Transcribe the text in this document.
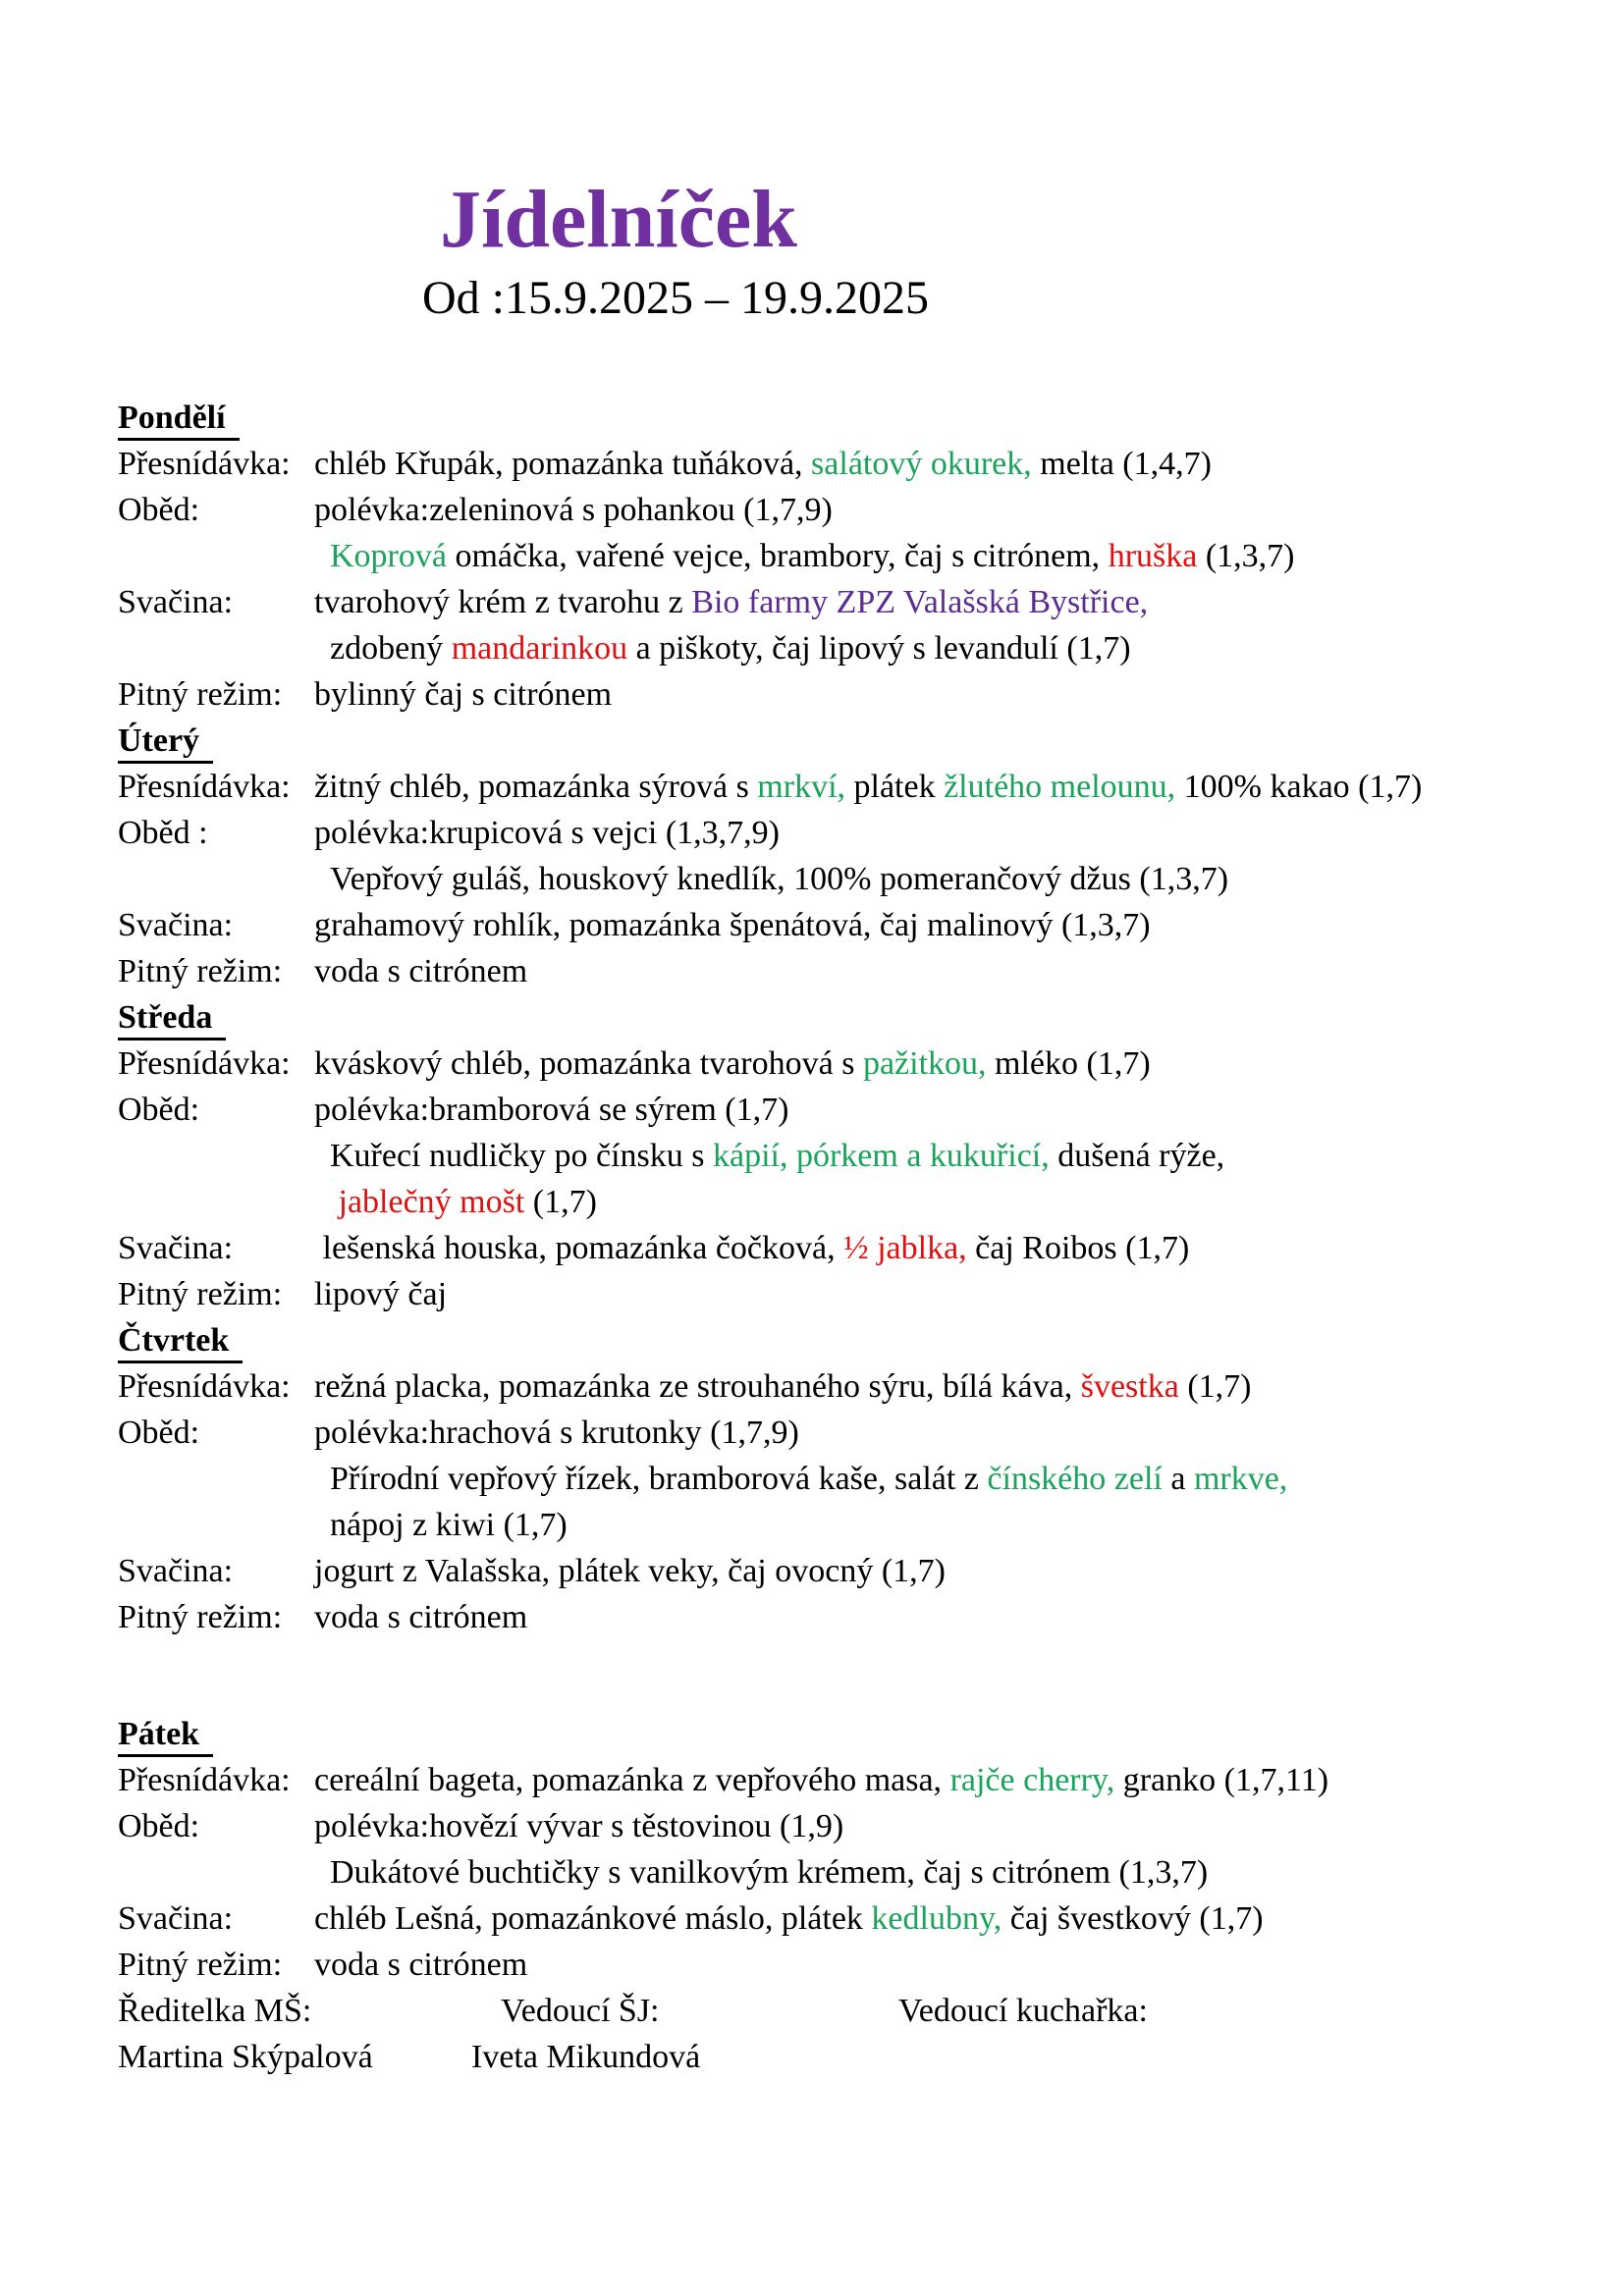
Jídelníček
Od :15.9.2025 – 19.9.2025
Pondělí
Přesnídávka: chléb Křupák, pomazánka tuňáková, salátový okurek, melta (1,4,7)
Oběd:	polévka:zeleninová s pohankou (1,7,9)
Koprová omáčka, vařené vejce, brambory, čaj s citrónem, hruška (1,3,7)
Svačina:	tvarohový krém z tvarohu z Bio farmy ZPZ Valašská Bystřice,
zdobený mandarinkou a piškoty, čaj lipový s levandulí (1,7)
Pitný režim: bylinný čaj s citrónem
Úterý
Přesnídávka: žitný chléb, pomazánka sýrová s mrkví, plátek žlutého melounu, 100% kakao (1,7)
Oběd :	polévka:krupicová s vejci (1,3,7,9)
Vepřový guláš, houskový knedlík, 100% pomerančový džus (1,3,7)
Svačina:	grahamový rohlík, pomazánka špenátová, čaj malinový (1,3,7)
Pitný režim: voda s citrónem
Středa
Přesnídávka: kváskový chléb, pomazánka tvarohová s pažitkou, mléko (1,7)
Oběd:	polévka:bramborová se sýrem (1,7)
Kuřecí nudličky po čínsku s kápií, pórkem a kukuřicí, dušená rýže,
jablečný mošt (1,7)
Svačina:	lešenská houska, pomazánka čočková, ½ jablka, čaj Roibos (1,7)
Pitný režim: lipový čaj
Čtvrtek
Přesnídávka: režná placka, pomazánka ze strouhaného sýru, bílá káva, švestka (1,7)
Oběd:	polévka:hrachová s krutonky (1,7,9)
Přírodní vepřový řízek, bramborová kaše, salát z čínského zelí a mrkve,
nápoj z kiwi (1,7)
Svačina:	jogurt z Valašska, plátek veky, čaj ovocný (1,7)
Pitný režim: voda s citrónem
Pátek
Přesnídávka: cereální bageta, pomazánka z vepřového masa, rajče cherry, granko (1,7,11)
Oběd:	polévka:hovězí vývar s těstovinou (1,9)
Dukátové buchtičky s vanilkovým krémem, čaj s citrónem (1,3,7)
Svačina:	chléb Lešná, pomazánkové máslo, plátek kedlubny, čaj švestkový (1,7)
Pitný režim: voda s citrónem
Ředitelka MŠ:	Vedoucí ŠJ:	Vedoucí kuchařka:
Martina Skýpalová	Iveta Mikundová
